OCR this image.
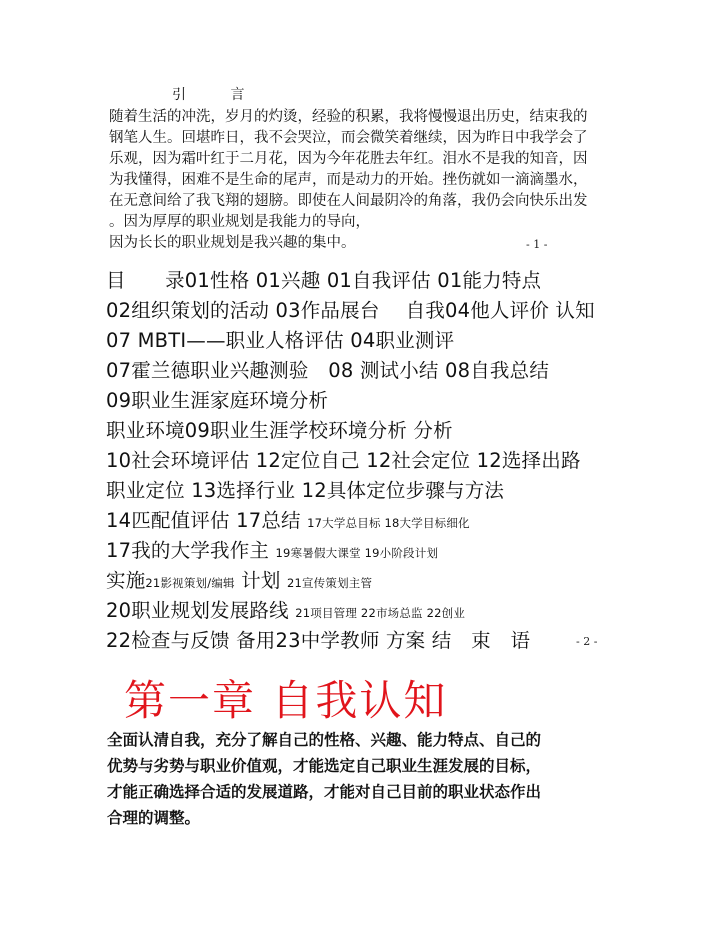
引 言
随着生活的冲洗，岁月的灼烫，经验的积累，我将慢慢退出历史，结束我的
钢笔人生。回堪昨日，我不会哭泣，而会微笑着继续，因为昨日中我学会了
乐观，因为霜叶红于二月花，因为今年花胜去年红。泪水不是我的知音，因
为我懂得，困难不是生命的尾声，而是动力的开始。挫伤就如一滴滴墨水，
在无意间给了我飞翔的翅膀。即使在人间最阴冷的角落，我仍会向快乐出发
。因为厚厚的职业规划是我能力的导向，
因为长长的职业规划是我兴趣的集中。	- 1 -
目　　录01性格 01兴趣 01自我评估 01能力特点
02组织策划的活动 03作品展台　 自我04他人评价 认知
07 MBTI——职业人格评估 04职业测评
07霍兰德职业兴趣测验　08 测试小结 08自我总结
09职业生涯家庭环境分析
职业环境09职业生涯学校环境分析 分析
10社会环境评估 12定位自己 12社会定位 12选择出路
职业定位 13选择行业 12具体定位步骤与方法
14匹配值评估 17总结 17大学总目标 18大学目标细化
17我的大学我作主 19寒暑假大课堂 19小阶段计划
实施21影视策划/编辑 计划 21宣传策划主管
20职业规划发展路线 21项目管理 22市场总监 22创业
22检查与反馈 备用23中学教师 方案 结　束　语	- 2 -
第一章 自我认知
全面认清自我，充分了解自己的性格、兴趣、能力特点、自己的
优势与劣势与职业价值观，才能选定自己职业生涯发展的目标，
才能正确选择合适的发展道路，才能对自己目前的职业状态作出
合理的调整。
